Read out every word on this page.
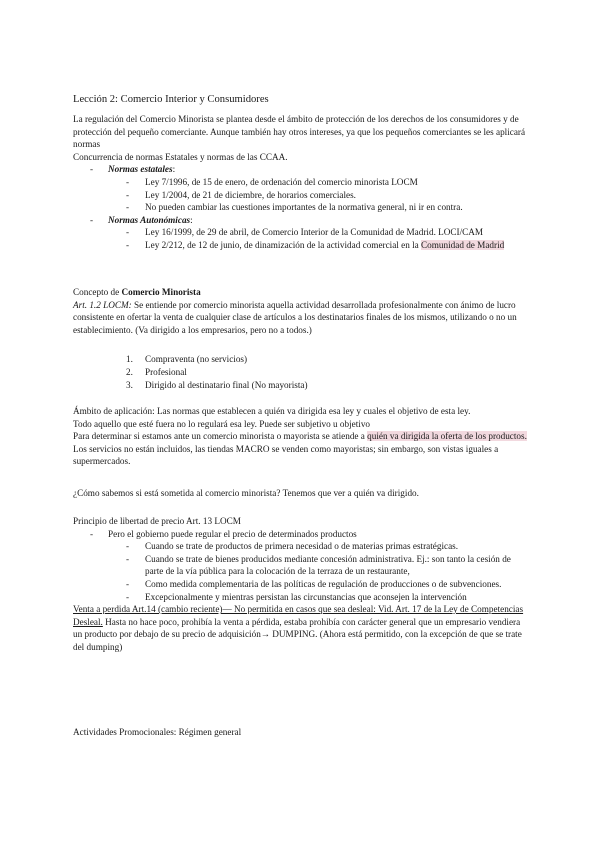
Lección 2: Comercio Interior y Consumidores
La regulación del Comercio Minorista se plantea desde el ámbito de protección de los derechos de los consumidores y de protección del pequeño comerciante. Aunque también hay otros intereses, ya que los pequeños comerciantes se les aplicará normas
Concurrencia de normas Estatales y normas de las CCAA.
- Normas estatales:
- Ley 7/1996, de 15 de enero, de ordenación del comercio minorista LOCM
- Ley 1/2004, de 21 de diciembre, de horarios comerciales.
- No pueden cambiar las cuestiones importantes de la normativa general, ni ir en contra.
- Normas Autonómicas:
- Ley 16/1999, de 29 de abril, de Comercio Interior de la Comunidad de Madrid. LOCI/CAM
- Ley 2/212, de 12 de junio, de dinamización de la actividad comercial en la Comunidad de Madrid
Concepto de Comercio Minorista
Art. 1.2 LOCM: Se entiende por comercio minorista aquella actividad desarrollada profesionalmente con ánimo de lucro consistente en ofertar la venta de cualquier clase de artículos a los destinatarios finales de los mismos, utilizando o no un establecimiento. (Va dirigido a los empresarios, pero no a todos.)
1. Compraventa (no servicios)
2. Profesional
3. Dirigido al destinatario final (No mayorista)
Ámbito de aplicación: Las normas que establecen a quién va dirigida esa ley y cuales el objetivo de esta ley.
Todo aquello que esté fuera no lo regulará esa ley. Puede ser subjetivo u objetivo
Para determinar si estamos ante un comercio minorista o mayorista se atiende a quién va dirigida la oferta de los productos. Los servicios no están incluidos, las tiendas MACRO se venden como mayoristas; sin embargo, son vistas iguales a supermercados.
¿Cómo sabemos si está sometida al comercio minorista? Tenemos que ver a quién va dirigido.
Principio de libertad de precio Art. 13 LOCM
- Pero el gobierno puede regular el precio de determinados productos
- Cuando se trate de productos de primera necesidad o de materias primas estratégicas.
- Cuando se trate de bienes producidos mediante concesión administrativa. Ej.: son tanto la cesión de parte de la vía pública para la colocación de la terraza de un restaurante,
- Como medida complementaria de las políticas de regulación de producciones o de subvenciones.
- Excepcionalmente y mientras persistan las circunstancias que aconsejen la intervención
Venta a perdida Art.14 (cambio reciente)— No permitida en casos que sea desleal: Vid. Art. 17 de la Ley de Competencias Desleal. Hasta no hace poco, prohibía la venta a pérdida, estaba prohibía con carácter general que un empresario vendiera un producto por debajo de su precio de adquisición→ DUMPING. (Ahora está permitido, con la excepción de que se trate del dumping)
Actividades Promocionales: Régimen general
